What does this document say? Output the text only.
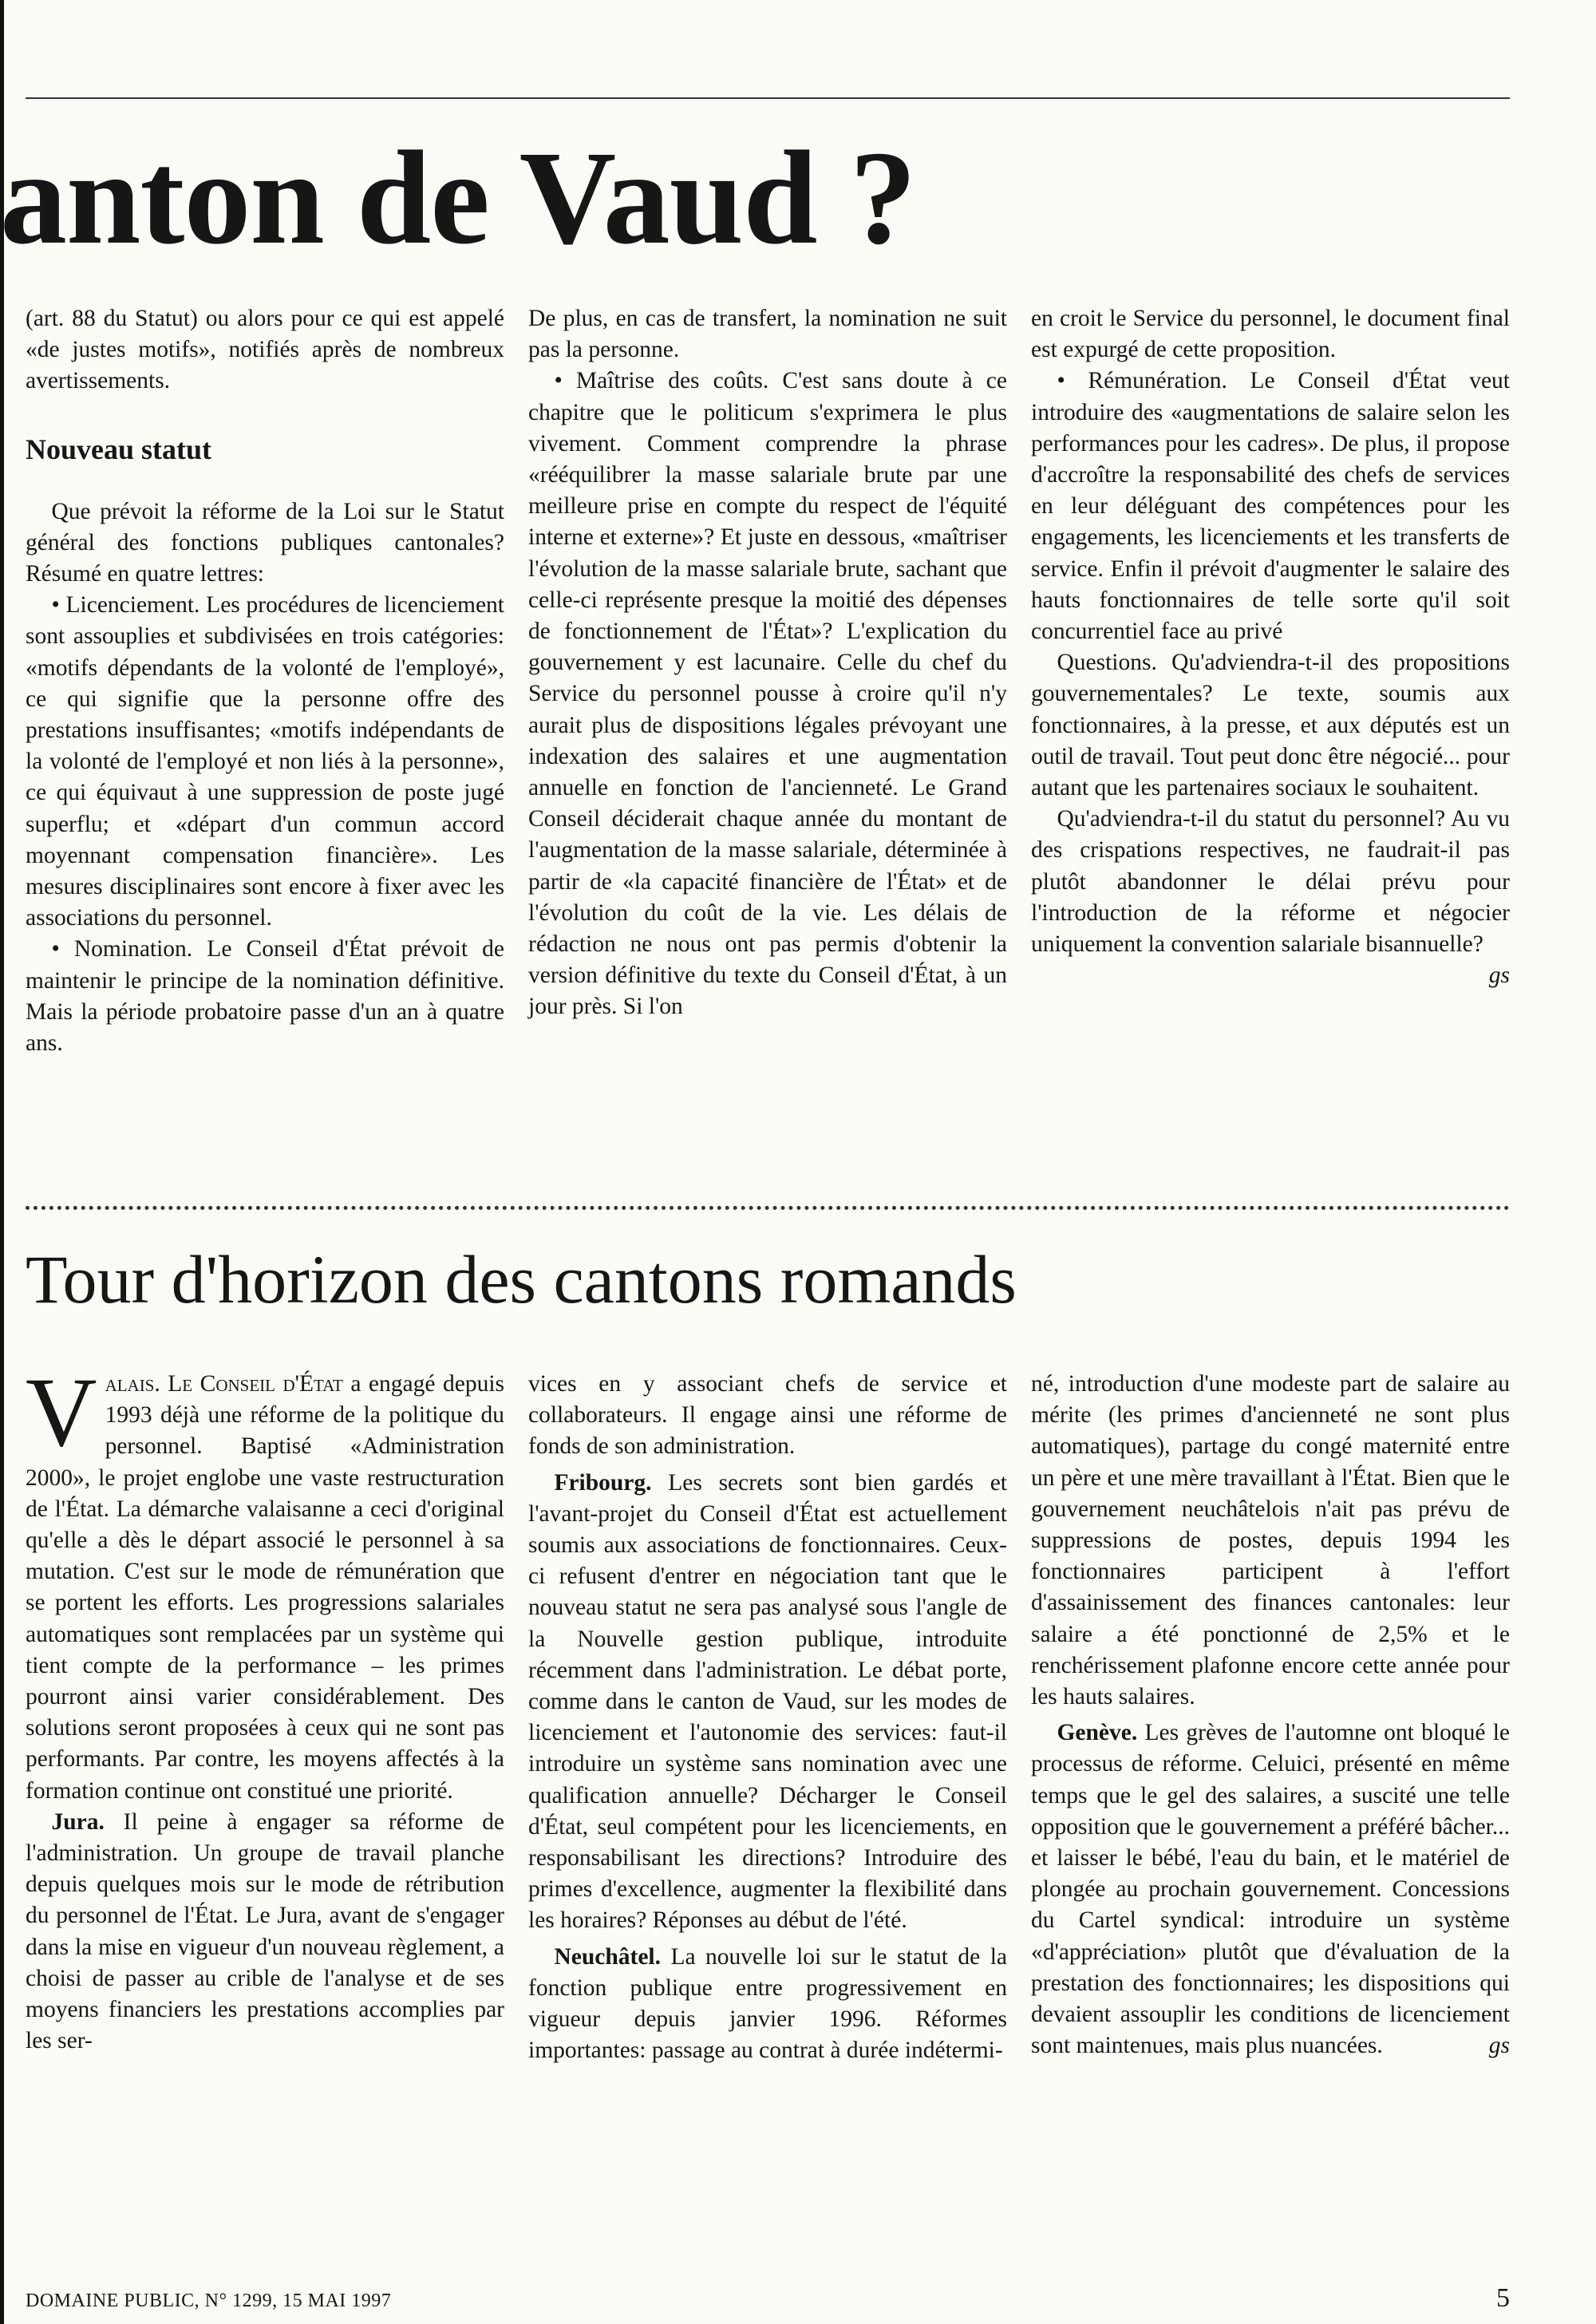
anton de Vaud ?

(art. 88 du Statut) ou alors pour ce qui est appelé «de justes motifs», notifiés après de nombreux avertissements.

Nouveau statut

Que prévoit la réforme de la Loi sur le Statut général des fonctions publiques cantonales? Résumé en quatre lettres:

• Licenciement. Les procédures de licenciement sont assouplies et subdivisées en trois catégories: «motifs dépendants de la volonté de l'employé», ce qui signifie que la personne offre des prestations insuffisantes; «motifs indépendants de la volonté de l'employé et non liés à la personne», ce qui équivaut à une suppression de poste jugé superflu; et «départ d'un commun accord moyennant compensation financière». Les mesures disciplinaires sont encore à fixer avec les associations du personnel.

• Nomination. Le Conseil d'État prévoit de maintenir le principe de la nomination définitive. Mais la période probatoire passe d'un an à quatre ans.

De plus, en cas de transfert, la nomination ne suit pas la personne.

• Maîtrise des coûts. C'est sans doute à ce chapitre que le politicum s'exprimera le plus vivement. Comment comprendre la phrase «rééquilibrer la masse salariale brute par une meilleure prise en compte du respect de l'équité interne et externe»? Et juste en dessous, «maîtriser l'évolution de la masse salariale brute, sachant que celle-ci représente presque la moitié des dépenses de fonctionnement de l'État»? L'explication du gouvernement y est lacunaire. Celle du chef du Service du personnel pousse à croire qu'il n'y aurait plus de dispositions légales prévoyant une indexation des salaires et une augmentation annuelle en fonction de l'ancienneté. Le Grand Conseil déciderait chaque année du montant de l'augmentation de la masse salariale, déterminée à partir de «la capacité financière de l'État» et de l'évolution du coût de la vie. Les délais de rédaction ne nous ont pas permis d'obtenir la version définitive du texte du Conseil d'État, à un jour près. Si l'on

en croit le Service du personnel, le document final est expurgé de cette proposition.

• Rémunération. Le Conseil d'État veut introduire des «augmentations de salaire selon les performances pour les cadres». De plus, il propose d'accroître la responsabilité des chefs de services en leur déléguant des compétences pour les engagements, les licenciements et les transferts de service. Enfin il prévoit d'augmenter le salaire des hauts fonctionnaires de telle sorte qu'il soit concurrentiel face au privé

Questions. Qu'adviendra-t-il des propositions gouvernementales? Le texte, soumis aux fonctionnaires, à la presse, et aux députés est un outil de travail. Tout peut donc être négocié... pour autant que les partenaires sociaux le souhaitent.

Qu'adviendra-t-il du statut du personnel? Au vu des crispations respectives, ne faudrait-il pas plutôt abandonner le délai prévu pour l'introduction de la réforme et négocier uniquement la convention salariale bisannuelle?
gs

Tour d'horizon des cantons romands

Valais. Le Conseil d'État a engagé depuis 1993 déjà une réforme de la politique du personnel. Baptisé «Administration 2000», le projet englobe une vaste restructuration de l'État. La démarche valaisanne a ceci d'original qu'elle a dès le départ associé le personnel à sa mutation. C'est sur le mode de rémunération que se portent les efforts. Les progressions salariales automatiques sont remplacées par un système qui tient compte de la performance – les primes pourront ainsi varier considérablement. Des solutions seront proposées à ceux qui ne sont pas performants. Par contre, les moyens affectés à la formation continue ont constitué une priorité.

Jura. Il peine à engager sa réforme de l'administration. Un groupe de travail planche depuis quelques mois sur le mode de rétribution du personnel de l'État. Le Jura, avant de s'engager dans la mise en vigueur d'un nouveau règlement, a choisi de passer au crible de l'analyse et de ses moyens financiers les prestations accomplies par les ser-

vices en y associant chefs de service et collaborateurs. Il engage ainsi une réforme de fonds de son administration.

Fribourg. Les secrets sont bien gardés et l'avant-projet du Conseil d'État est actuellement soumis aux associations de fonctionnaires. Ceux-ci refusent d'entrer en négociation tant que le nouveau statut ne sera pas analysé sous l'angle de la Nouvelle gestion publique, introduite récemment dans l'administration. Le débat porte, comme dans le canton de Vaud, sur les modes de licenciement et l'autonomie des services: faut-il introduire un système sans nomination avec une qualification annuelle? Décharger le Conseil d'État, seul compétent pour les licenciements, en responsabilisant les directions? Introduire des primes d'excellence, augmenter la flexibilité dans les horaires? Réponses au début de l'été.

Neuchâtel. La nouvelle loi sur le statut de la fonction publique entre progressivement en vigueur depuis janvier 1996. Réformes importantes: passage au contrat à durée indétermi-

né, introduction d'une modeste part de salaire au mérite (les primes d'ancienneté ne sont plus automatiques), partage du congé maternité entre un père et une mère travaillant à l'État. Bien que le gouvernement neuchâtelois n'ait pas prévu de suppressions de postes, depuis 1994 les fonctionnaires participent à l'effort d'assainissement des finances cantonales: leur salaire a été ponctionné de 2,5% et le renchérissement plafonne encore cette année pour les hauts salaires.

Genève. Les grèves de l'automne ont bloqué le processus de réforme. Celuici, présenté en même temps que le gel des salaires, a suscité une telle opposition que le gouvernement a préféré bâcher... et laisser le bébé, l'eau du bain, et le matériel de plongée au prochain gouvernement. Concessions du Cartel syndical: introduire un système «d'appréciation» plutôt que d'évaluation de la prestation des fonctionnaires; les dispositions qui devaient assouplir les conditions de licenciement sont maintenues, mais plus nuancées.	gs

DOMAINE PUBLIC, N° 1299, 15 MAI 1997	5
